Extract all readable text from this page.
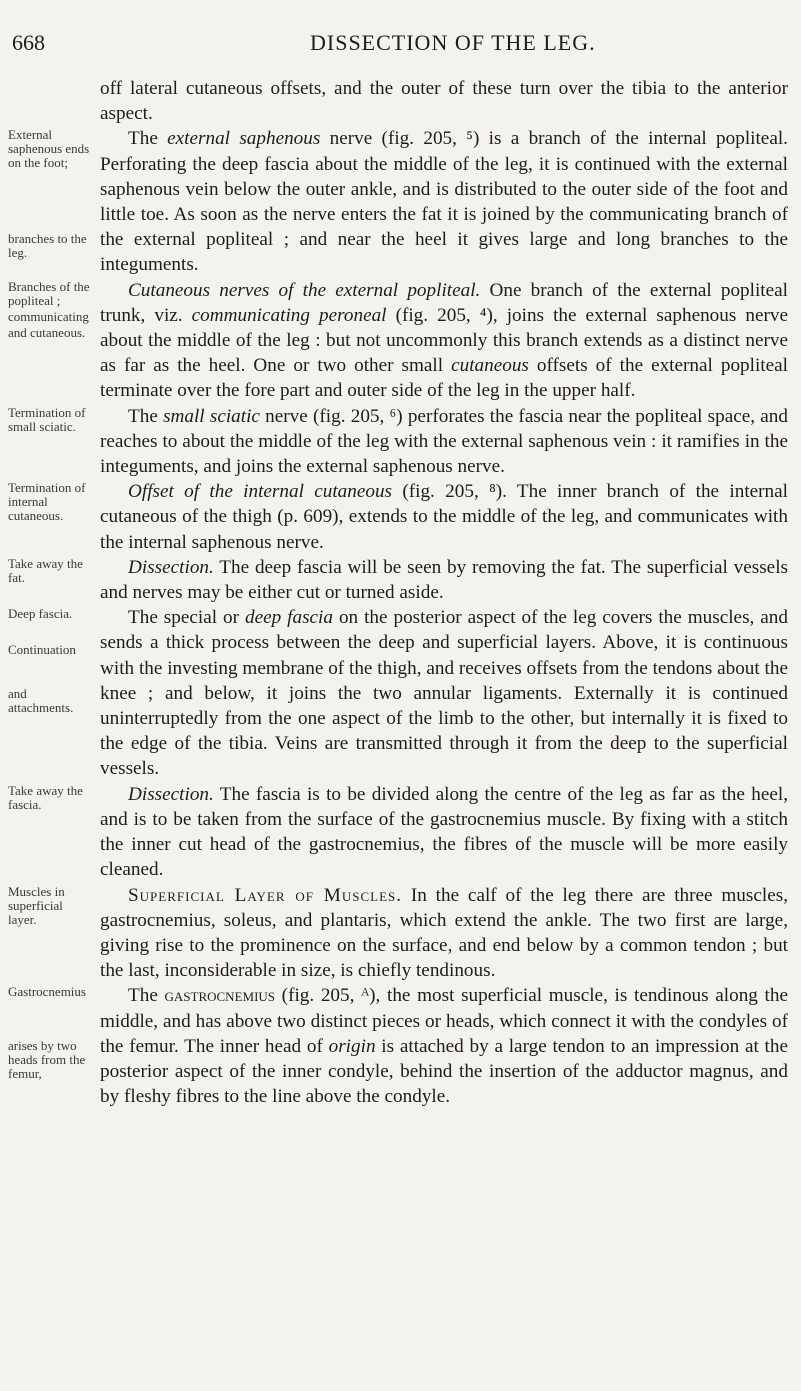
668	DISSECTION OF THE LEG.
off lateral cutaneous offsets, and the outer of these turn over the tibia to the anterior aspect.
External saphenous ends on the foot;
branches to the leg.
The external saphenous nerve (fig. 205, ⁵) is a branch of the internal popliteal. Perforating the deep fascia about the middle of the leg, it is continued with the external saphenous vein below the outer ankle, and is distributed to the outer side of the foot and little toe. As soon as the nerve enters the fat it is joined by the communicating branch of the external popliteal ; and near the heel it gives large and long branches to the integuments.
Branches of the popliteal ;
communicating
and cutaneous.
Cutaneous nerves of the external popliteal. One branch of the external popliteal trunk, viz. communicating peroneal (fig. 205, ⁴), joins the external saphenous nerve about the middle of the leg : but not uncommonly this branch extends as a distinct nerve as far as the heel. One or two other small cutaneous offsets of the external popliteal terminate over the fore part and outer side of the leg in the upper half.
Termination of small sciatic.	The small sciatic nerve (fig. 205, ⁶) perforates the fascia near the popliteal space, and reaches to about the middle of the leg with the external saphenous vein : it ramifies in the integuments, and joins the external saphenous nerve.
Termination of internal cutaneous.
Offset of the internal cutaneous (fig. 205, ⁸). The inner branch of the internal cutaneous of the thigh (p. 609), extends to the middle of the leg, and communicates with the internal saphenous nerve.
Take away the fat.	Dissection. The deep fascia will be seen by removing the fat. The superficial vessels and nerves may be either cut or turned aside.
Deep fascia.
Continuation
and attachments.
The special or deep fascia on the posterior aspect of the leg covers the muscles, and sends a thick process between the deep and superficial layers. Above, it is continuous with the investing membrane of the thigh, and receives offsets from the tendons about the knee ; and below, it joins the two annular ligaments. Externally it is continued uninterruptedly from the one aspect of the limb to the other, but internally it is fixed to the edge of the tibia. Veins are transmitted through it from the deep to the superficial vessels.
Take away the fascia.	Dissection. The fascia is to be divided along the centre of the leg as far as the heel, and is to be taken from the surface of the gastrocnemius muscle. By fixing with a stitch the inner cut head of the gastrocnemius, the fibres of the muscle will be more easily cleaned.
Muscles in superficial layer.
Superficial Layer of Muscles. In the calf of the leg there are three muscles, gastrocnemius, soleus, and plantaris, which extend the ankle. The two first are large, giving rise to the prominence on the surface, and end below by a common tendon ; but the last, inconsiderable in size, is chiefly tendinous.
Gastrocnemius
arises by two heads from the femur,
The gastrocnemius (fig. 205, ᴬ), the most superficial muscle, is tendinous along the middle, and has above two distinct pieces or heads, which connect it with the condyles of the femur. The inner head of origin is attached by a large tendon to an impression at the posterior aspect of the inner condyle, behind the insertion of the adductor magnus, and by fleshy fibres to the line above the condyle.
